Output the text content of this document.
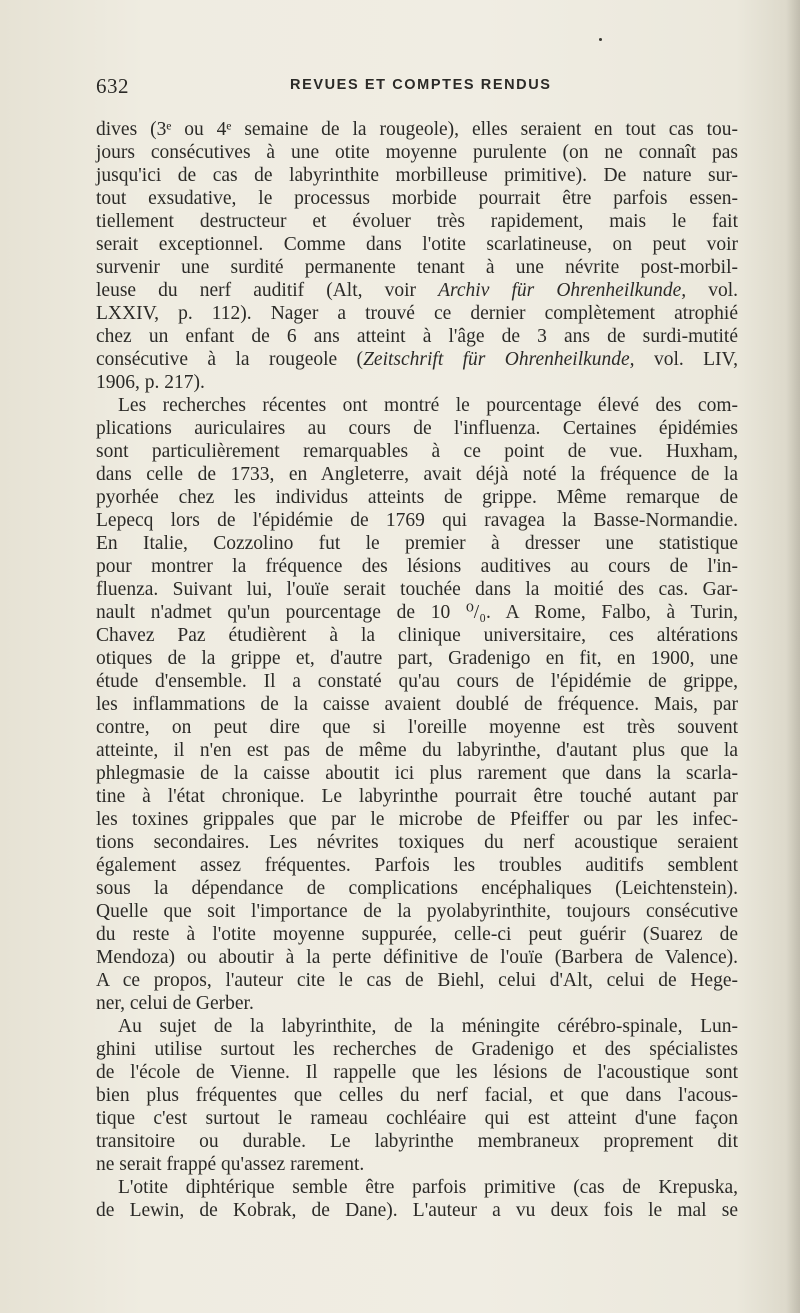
632	REVUES ET COMPTES RENDUS
dives (3ᵉ ou 4ᵉ semaine de la rougeole), elles seraient en tout cas tou-
jours consécutives à une otite moyenne purulente (on ne connaît pas
jusqu'ici de cas de labyrinthite morbilleuse primitive). De nature sur-
tout exsudative, le processus morbide pourrait être parfois essen-
tiellement destructeur et évoluer très rapidement, mais le fait
serait exceptionnel. Comme dans l'otite scarlatineuse, on peut voir
survenir une surdité permanente tenant à une névrite post-morbil-
leuse du nerf auditif (Alt, voir Archiv für Ohrenheilkunde, vol.
LXXIV, p. 112). Nager a trouvé ce dernier complètement atrophié
chez un enfant de 6 ans atteint à l'âge de 3 ans de surdi-mutité
consécutive à la rougeole (Zeitschrift für Ohrenheilkunde, vol. LIV,
1906, p. 217).
Les recherches récentes ont montré le pourcentage élevé des com-
plications auriculaires au cours de l'influenza. Certaines épidémies
sont particulièrement remarquables à ce point de vue. Huxham,
dans celle de 1733, en Angleterre, avait déjà noté la fréquence de la
pyorhée chez les individus atteints de grippe. Même remarque de
Lepecq lors de l'épidémie de 1769 qui ravagea la Basse-Normandie.
En Italie, Cozzolino fut le premier à dresser une statistique
pour montrer la fréquence des lésions auditives au cours de l'in-
fluenza. Suivant lui, l'ouïe serait touchée dans la moitié des cas. Gar-
nault n'admet qu'un pourcentage de 10 ⁰/₀. A Rome, Falbo, à Turin,
Chavez Paz étudièrent à la clinique universitaire, ces altérations
otiques de la grippe et, d'autre part, Gradenigo en fit, en 1900, une
étude d'ensemble. Il a constaté qu'au cours de l'épidémie de grippe,
les inflammations de la caisse avaient doublé de fréquence. Mais, par
contre, on peut dire que si l'oreille moyenne est très souvent
atteinte, il n'en est pas de même du labyrinthe, d'autant plus que la
phlegmasie de la caisse aboutit ici plus rarement que dans la scarla-
tine à l'état chronique. Le labyrinthe pourrait être touché autant par
les toxines grippales que par le microbe de Pfeiffer ou par les infec-
tions secondaires. Les névrites toxiques du nerf acoustique seraient
également assez fréquentes. Parfois les troubles auditifs semblent
sous la dépendance de complications encéphaliques (Leichtenstein).
Quelle que soit l'importance de la pyolabyrinthite, toujours consécutive
du reste à l'otite moyenne suppurée, celle-ci peut guérir (Suarez de
Mendoza) ou aboutir à la perte définitive de l'ouïe (Barbera de Valence).
A ce propos, l'auteur cite le cas de Biehl, celui d'Alt, celui de Hege-
ner, celui de Gerber.
Au sujet de la labyrinthite, de la méningite cérébro-spinale, Lun-
ghini utilise surtout les recherches de Gradenigo et des spécialistes
de l'école de Vienne. Il rappelle que les lésions de l'acoustique sont
bien plus fréquentes que celles du nerf facial, et que dans l'acous-
tique c'est surtout le rameau cochléaire qui est atteint d'une façon
transitoire ou durable. Le labyrinthe membraneux proprement dit
ne serait frappé qu'assez rarement.
L'otite diphtérique semble être parfois primitive (cas de Krepuska,
de Lewin, de Kobrak, de Dane). L'auteur a vu deux fois le mal se
